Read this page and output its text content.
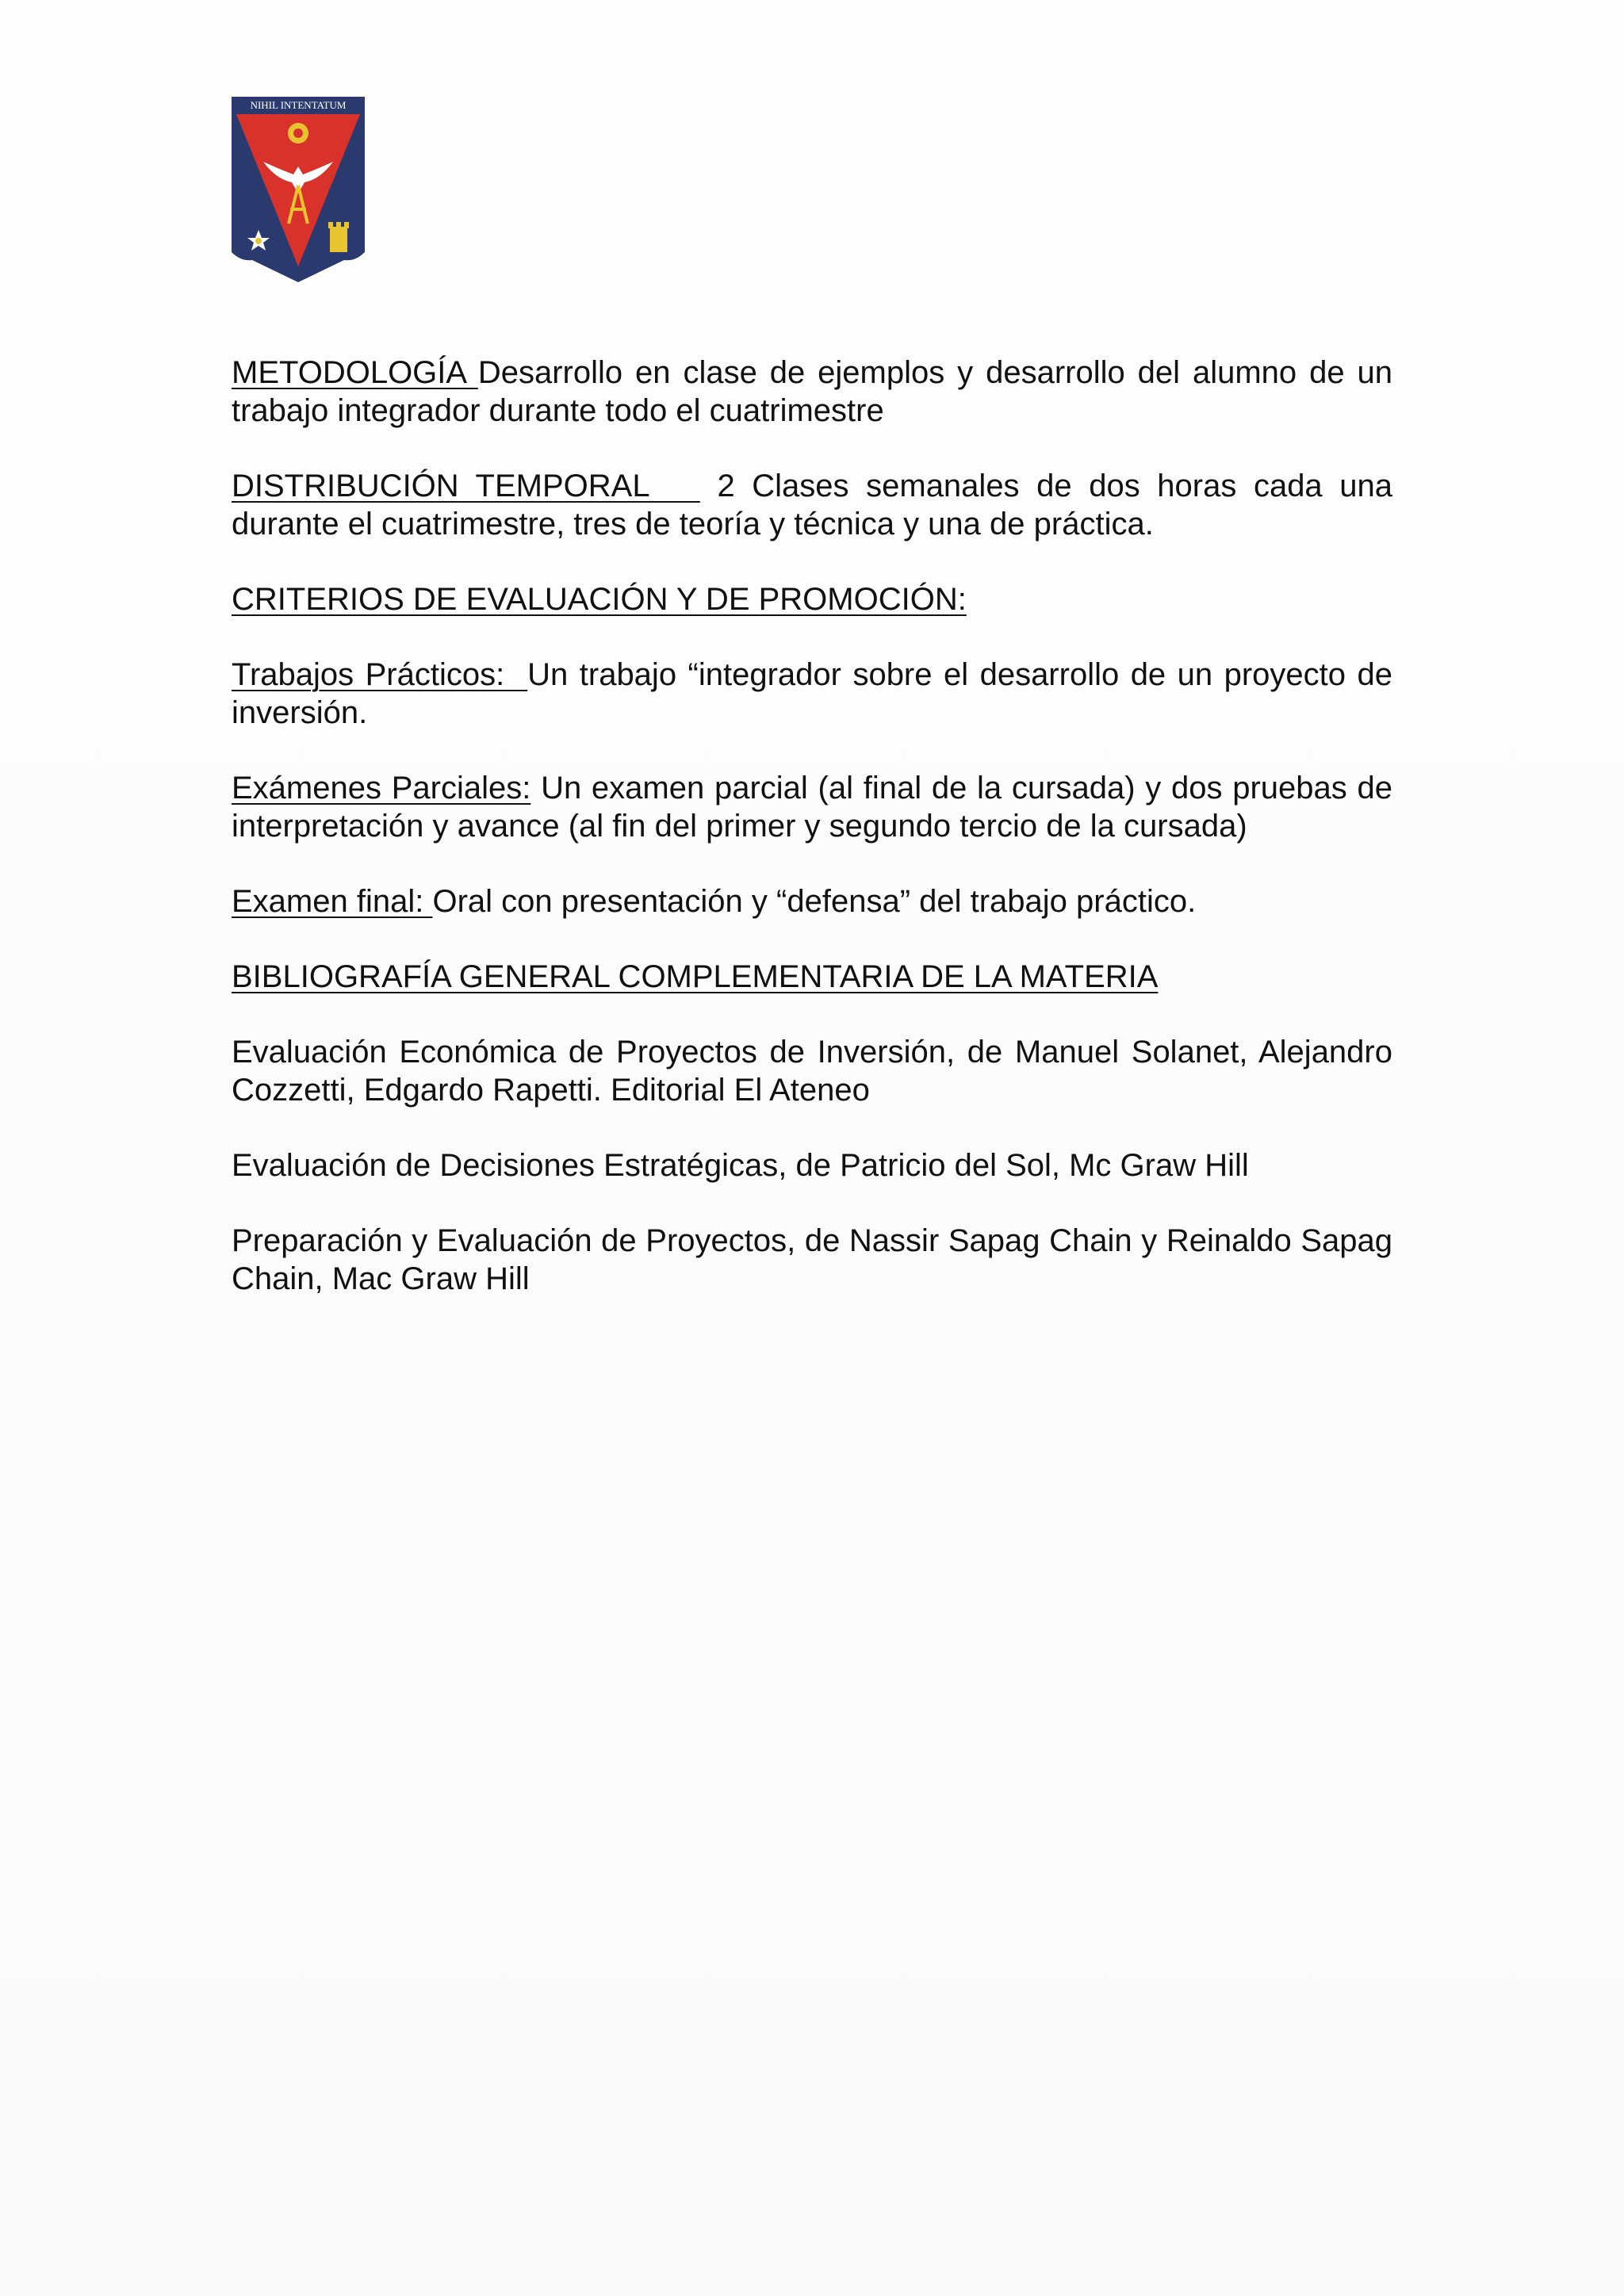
NIHIL INTENTATUM

METODOLOGÍA Desarrollo en clase de ejemplos y desarrollo del alumno de un trabajo integrador durante todo el cuatrimestre

DISTRIBUCIÓN TEMPORAL    2 Clases semanales de dos horas cada una durante el cuatrimestre, tres de teoría y técnica y una de práctica.

CRITERIOS DE EVALUACIÓN Y DE PROMOCIÓN:

Trabajos Prácticos:  Un trabajo “integrador sobre el desarrollo de un proyecto de inversión.

Exámenes Parciales: Un examen parcial (al final de la cursada) y dos pruebas de interpretación y avance (al fin del primer y segundo tercio de la cursada)

Examen final: Oral con presentación y “defensa” del trabajo práctico.

BIBLIOGRAFÍA GENERAL COMPLEMENTARIA DE LA MATERIA

Evaluación Económica de Proyectos de Inversión, de Manuel Solanet, Alejandro Cozzetti, Edgardo Rapetti. Editorial El Ateneo

Evaluación de Decisiones Estratégicas, de Patricio del Sol, Mc Graw Hill

Preparación y Evaluación de Proyectos, de Nassir Sapag Chain y Reinaldo Sapag Chain, Mac Graw Hill
